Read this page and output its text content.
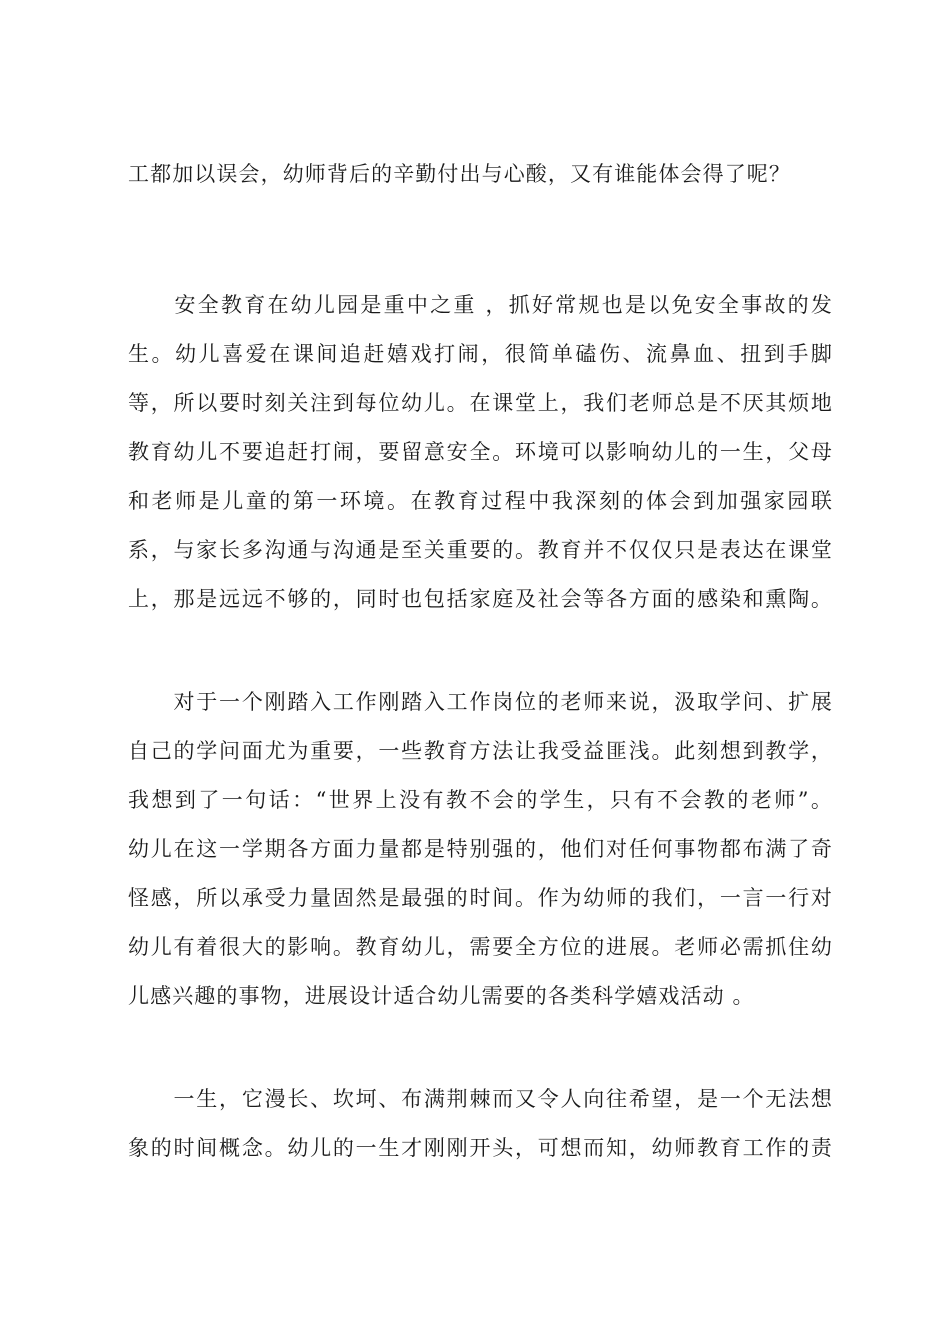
工都加以误会，幼师背后的辛勤付出与心酸，又有谁能体会得了呢？
　　安全教育在幼儿园是重中之重 ，抓好常规也是以免安全事故的发
生。幼儿喜爱在课间追赶嬉戏打闹，很简单磕伤、流鼻血、扭到手脚
等，所以要时刻关注到每位幼儿。在课堂上，我们老师总是不厌其烦地
教育幼儿不要追赶打闹，要留意安全。环境可以影响幼儿的一生，父母
和老师是儿童的第一环境。在教育过程中我深刻的体会到加强家园联
系，与家长多沟通与沟通是至关重要的。教育并不仅仅只是表达在课堂
上，那是远远不够的，同时也包括家庭及社会等各方面的感染和熏陶。
　　对于一个刚踏入工作刚踏入工作岗位的老师来说，汲取学问、扩展
自己的学问面尤为重要，一些教育方法让我受益匪浅。此刻想到教学，
我想到了一句话：“世界上没有教不会的学生，只有不会教的老师”。
幼儿在这一学期各方面力量都是特别强的，他们对任何事物都布满了奇
怪感，所以承受力量固然是最强的时间。作为幼师的我们，一言一行对
幼儿有着很大的影响。教育幼儿，需要全方位的进展。老师必需抓住幼
儿感兴趣的事物，进展设计适合幼儿需要的各类科学嬉戏活动 。
　　一生，它漫长、坎坷、布满荆棘而又令人向往希望，是一个无法想
象的时间概念。幼儿的一生才刚刚开头，可想而知，幼师教育工作的责
